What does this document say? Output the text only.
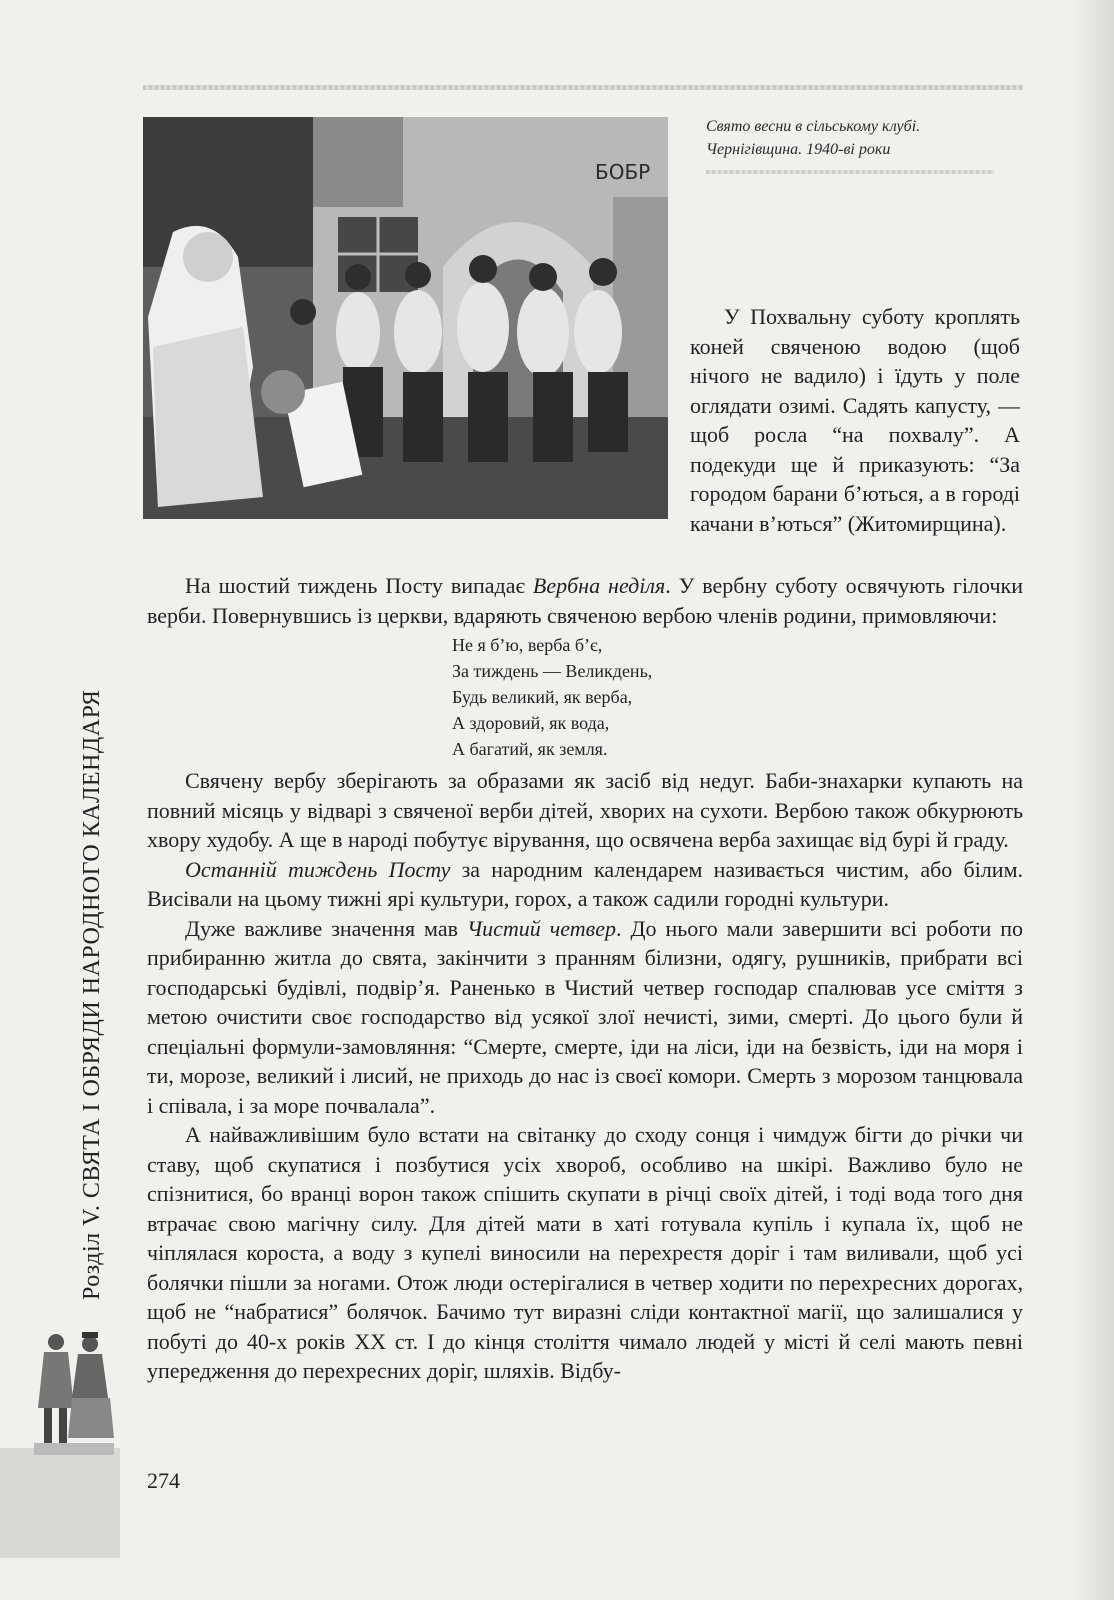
БОБР
Свято весни в сільському клубі.
Чернігівщина. 1940-ві роки

У Похвальну суботу кроплять коней свяченою водою (щоб нічого не вадило) і їдуть у поле оглядати озимі. Садять капусту, — щоб росла “на похвалу”. А подекуди ще й приказують: “За городом барани б’ються, а в городі качани в’ються” (Житомирщина).

На шостий тиждень Посту випадає Вербна неділя. У вербну суботу освячують гілочки верби. Повернувшись із церкви, вдаряють свяченою вербою членів родини, примовляючи:

Не я б’ю, верба б’є,
За тиждень — Великдень,
Будь великий, як верба,
А здоровий, як вода,
А багатий, як земля.

Свячену вербу зберігають за образами як засіб від недуг. Баби-знахарки купають на повний місяць у відварі з свяченої верби дітей, хворих на сухоти. Вербою також обкурюють хвору худобу. А ще в народі побутує вірування, що освячена верба захищає від бурі й граду.

Останній тиждень Посту за народним календарем називається чистим, або білим. Висівали на цьому тижні ярі культури, горох, а також садили городні культури.

Дуже важливе значення мав Чистий четвер. До нього мали завершити всі роботи по прибиранню житла до свята, закінчити з пранням білизни, одягу, рушників, прибрати всі господарські будівлі, подвір’я. Раненько в Чистий четвер господар спалював усе сміття з метою очистити своє господарство від усякої злої нечисті, зими, смерті. До цього були й спеціальні формули-замовляння: “Смерте, смерте, іди на ліси, іди на безвість, іди на моря і ти, морозе, великий і лисий, не приходь до нас із своєї комори. Смерть з морозом танцювала і співала, і за море почвалала”.

А найважливішим було встати на світанку до сходу сонця і чимдуж бігти до річки чи ставу, щоб скупатися і позбутися усіх хвороб, особливо на шкірі. Важливо було не спізнитися, бо вранці ворон також спішить скупати в річці своїх дітей, і тоді вода того дня втрачає свою магічну силу. Для дітей мати в хаті готувала купіль і купала їх, щоб не чіплялася короста, а воду з купелі виносили на перехрестя доріг і там виливали, щоб усі болячки пішли за ногами. Отож люди остерігалися в четвер ходити по перехресних дорогах, щоб не “набратися” болячок. Бачимо тут виразні сліди контактної магії, що залишалися у побуті до 40-х років XX ст. І до кінця століття чимало людей у місті й селі мають певні упередження до перехресних доріг, шляхів. Відбу-

274
Розділ V. СВЯТА І ОБРЯДИ НАРОДНОГО КАЛЕНДАРЯ
